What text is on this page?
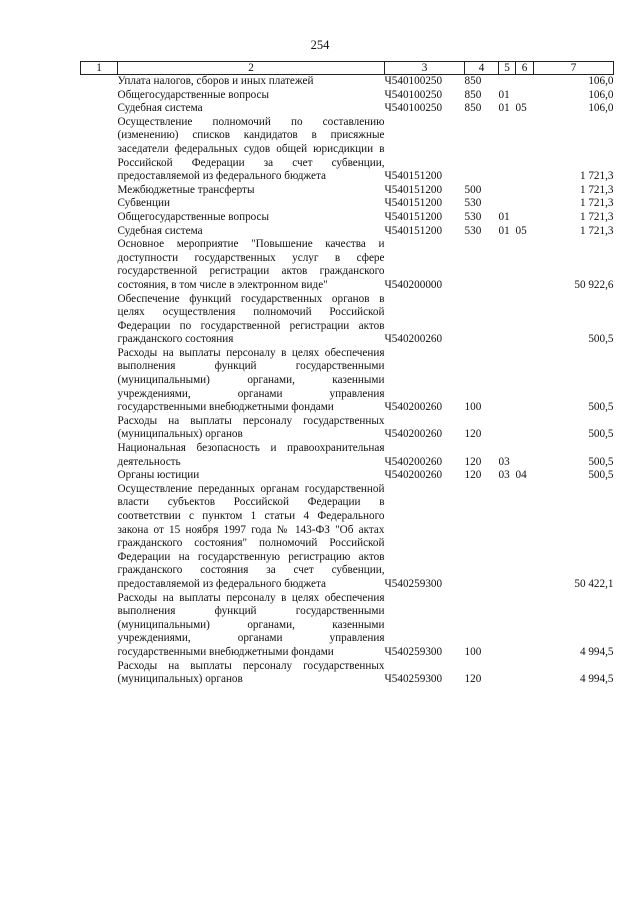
254
1	2	3	4	5	6	7
	Уплата налогов, сборов и иных платежей	Ч540100250	850			106,0
	Общегосударственные вопросы	Ч540100250	850	01		106,0
	Судебная система	Ч540100250	850	01	05	106,0
	Осуществление полномочий по составлению (изменению) списков кандидатов в присяжные заседатели федеральных судов общей юрисдикции в Российской Федерации за счет субвенции, предоставляемой из федерального бюджета	Ч540151200				1 721,3
	Межбюджетные трансферты	Ч540151200	500			1 721,3
	Субвенции	Ч540151200	530			1 721,3
	Общегосударственные вопросы	Ч540151200	530	01		1 721,3
	Судебная система	Ч540151200	530	01	05	1 721,3
	Основное мероприятие "Повышение качества и доступности государственных услуг в сфере государственной регистрации актов гражданского состояния, в том числе в электронном виде"	Ч540200000				50 922,6
	Обеспечение функций государственных органов в целях осуществления полномочий Российской Федерации по государственной регистрации актов гражданского состояния	Ч540200260				500,5
	Расходы на выплаты персоналу в целях обеспечения выполнения функций государственными (муниципальными) органами, казенными учреждениями, органами управления государственными внебюджетными фондами	Ч540200260	100			500,5
	Расходы на выплаты персоналу государственных (муниципальных) органов	Ч540200260	120			500,5
	Национальная безопасность и правоохранительная деятельность	Ч540200260	120	03		500,5
	Органы юстиции	Ч540200260	120	03	04	500,5
	Осуществление переданных органам государственной власти субъектов Российской Федерации в соответствии с пунктом 1 статьи 4 Федерального закона от 15 ноября 1997 года № 143-ФЗ "Об актах гражданского состояния" полномочий Российской Федерации на государственную регистрацию актов гражданского состояния за счет субвенции, предоставляемой из федерального бюджета	Ч540259300				50 422,1
	Расходы на выплаты персоналу в целях обеспечения выполнения функций государственными (муниципальными) органами, казенными учреждениями, органами управления государственными внебюджетными фондами	Ч540259300	100			4 994,5
	Расходы на выплаты персоналу государственных (муниципальных) органов	Ч540259300	120			4 994,5
